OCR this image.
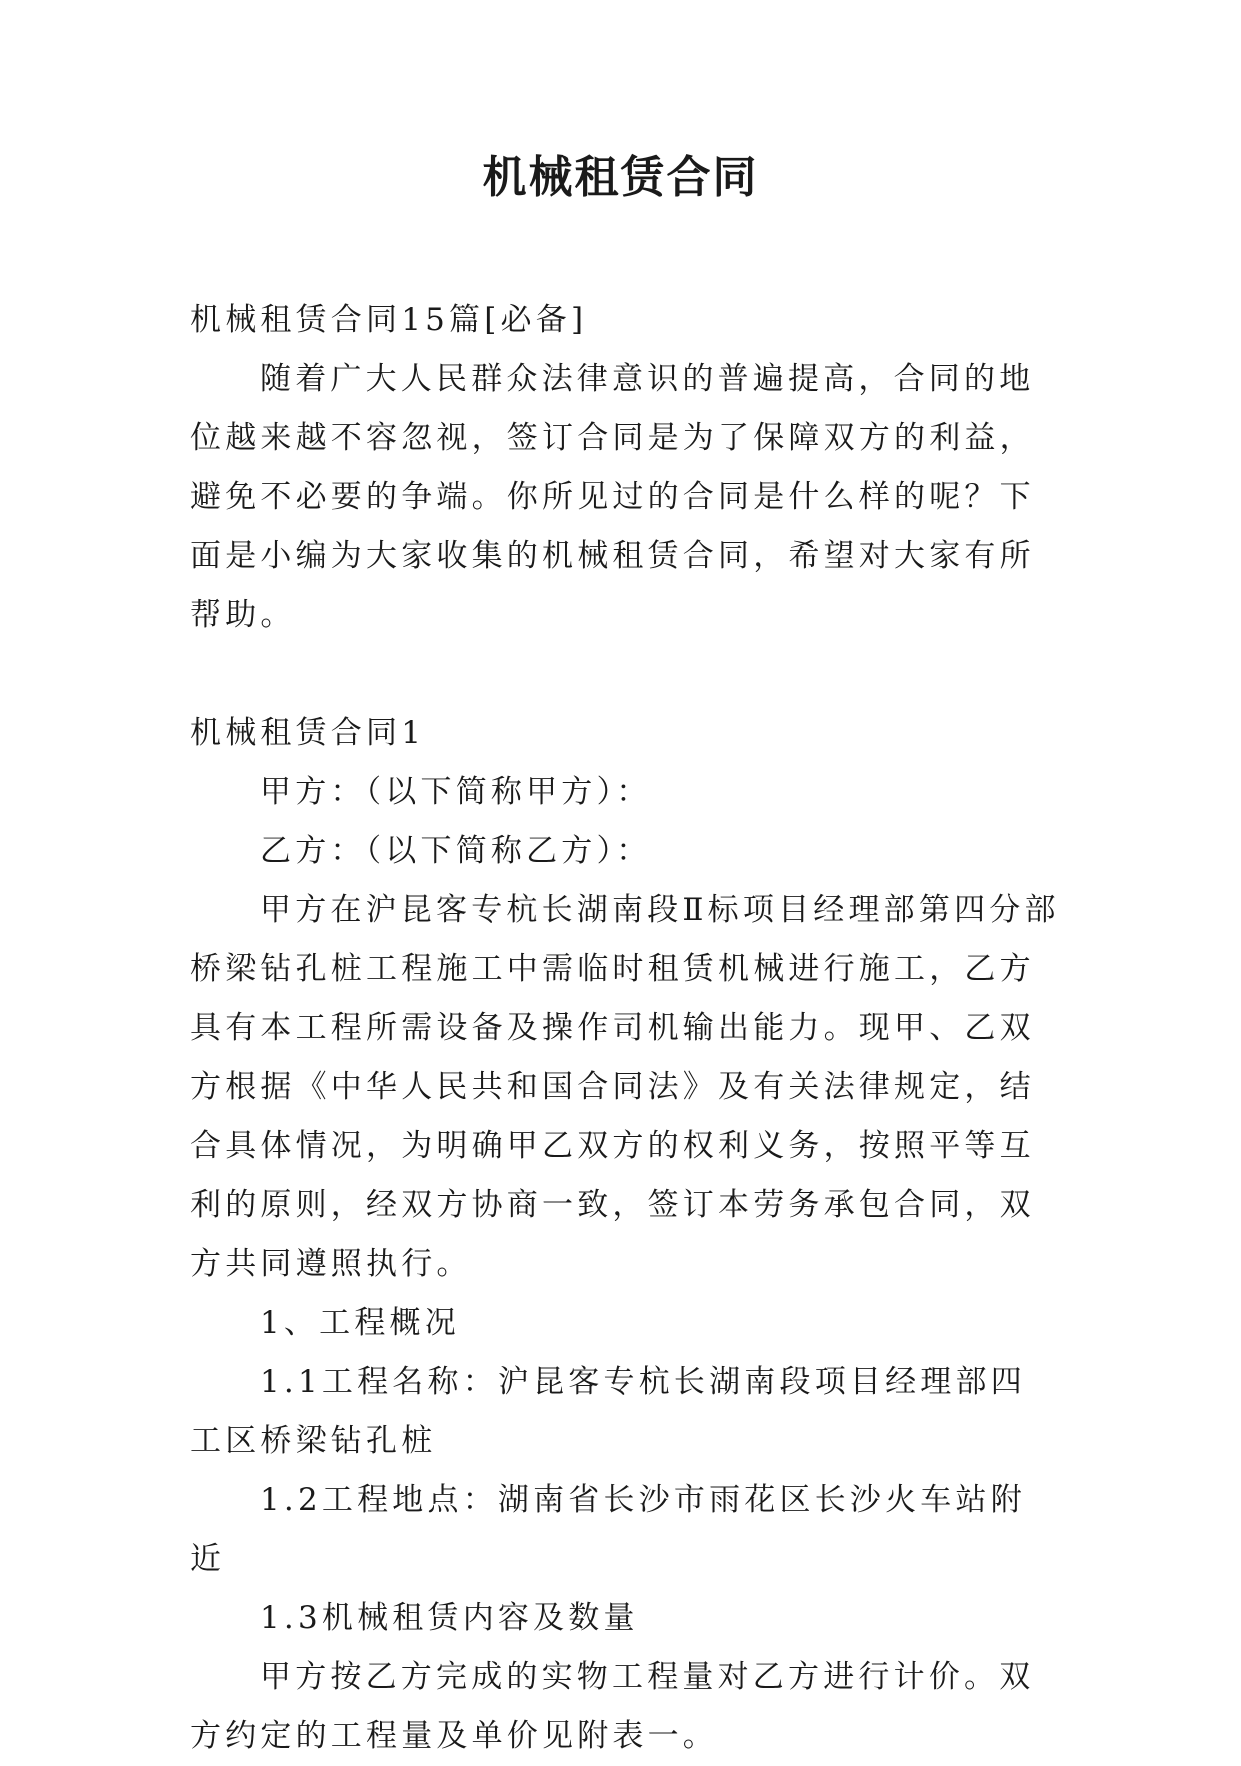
机械租赁合同

机械租赁合同15篇[必备]

随着广大人民群众法律意识的普遍提高，合同的地位越来越不容忽视，签订合同是为了保障双方的利益，避免不必要的争端。你所见过的合同是什么样的呢？下面是小编为大家收集的机械租赁合同，希望对大家有所帮助。

机械租赁合同1

甲方：（以下简称甲方）：

乙方：（以下简称乙方）：

甲方在沪昆客专杭长湖南段Ⅱ标项目经理部第四分部桥梁钻孔桩工程施工中需临时租赁机械进行施工，乙方具有本工程所需设备及操作司机输出能力。现甲、乙双方根据《中华人民共和国合同法》及有关法律规定，结合具体情况，为明确甲乙双方的权利义务，按照平等互利的原则，经双方协商一致，签订本劳务承包合同，双方共同遵照执行。

1、工程概况

1.1工程名称：沪昆客专杭长湖南段项目经理部四工区桥梁钻孔桩

1.2工程地点：湖南省长沙市雨花区长沙火车站附近

1.3机械租赁内容及数量

甲方按乙方完成的实物工程量对乙方进行计价。双方约定的工程量及单价见附表一。
